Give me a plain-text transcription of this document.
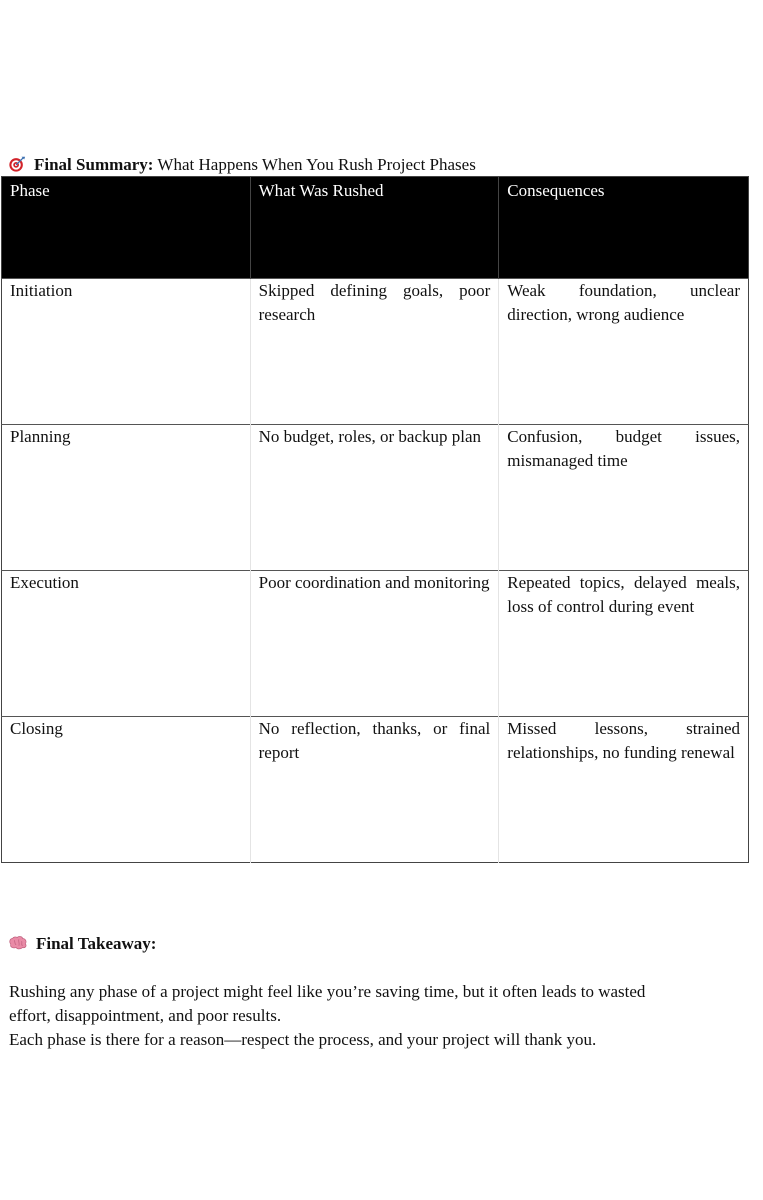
Final Summary: What Happens When You Rush Project Phases
Phase	What Was Rushed	Consequences
Initiation	Skipped defining goals, poor research	Weak foundation, unclear direction, wrong audience
Planning	No budget, roles, or backup plan	Confusion, budget issues, mismanaged time
Execution	Poor coordination and monitoring	Repeated topics, delayed meals, loss of control during event
Closing	No reflection, thanks, or final report	Missed lessons, strained relationships, no funding renewal
Final Takeaway:

Rushing any phase of a project might feel like you’re saving time, but it often leads to wasted effort, disappointment, and poor results.

Each phase is there for a reason—respect the process, and your project will thank you.
